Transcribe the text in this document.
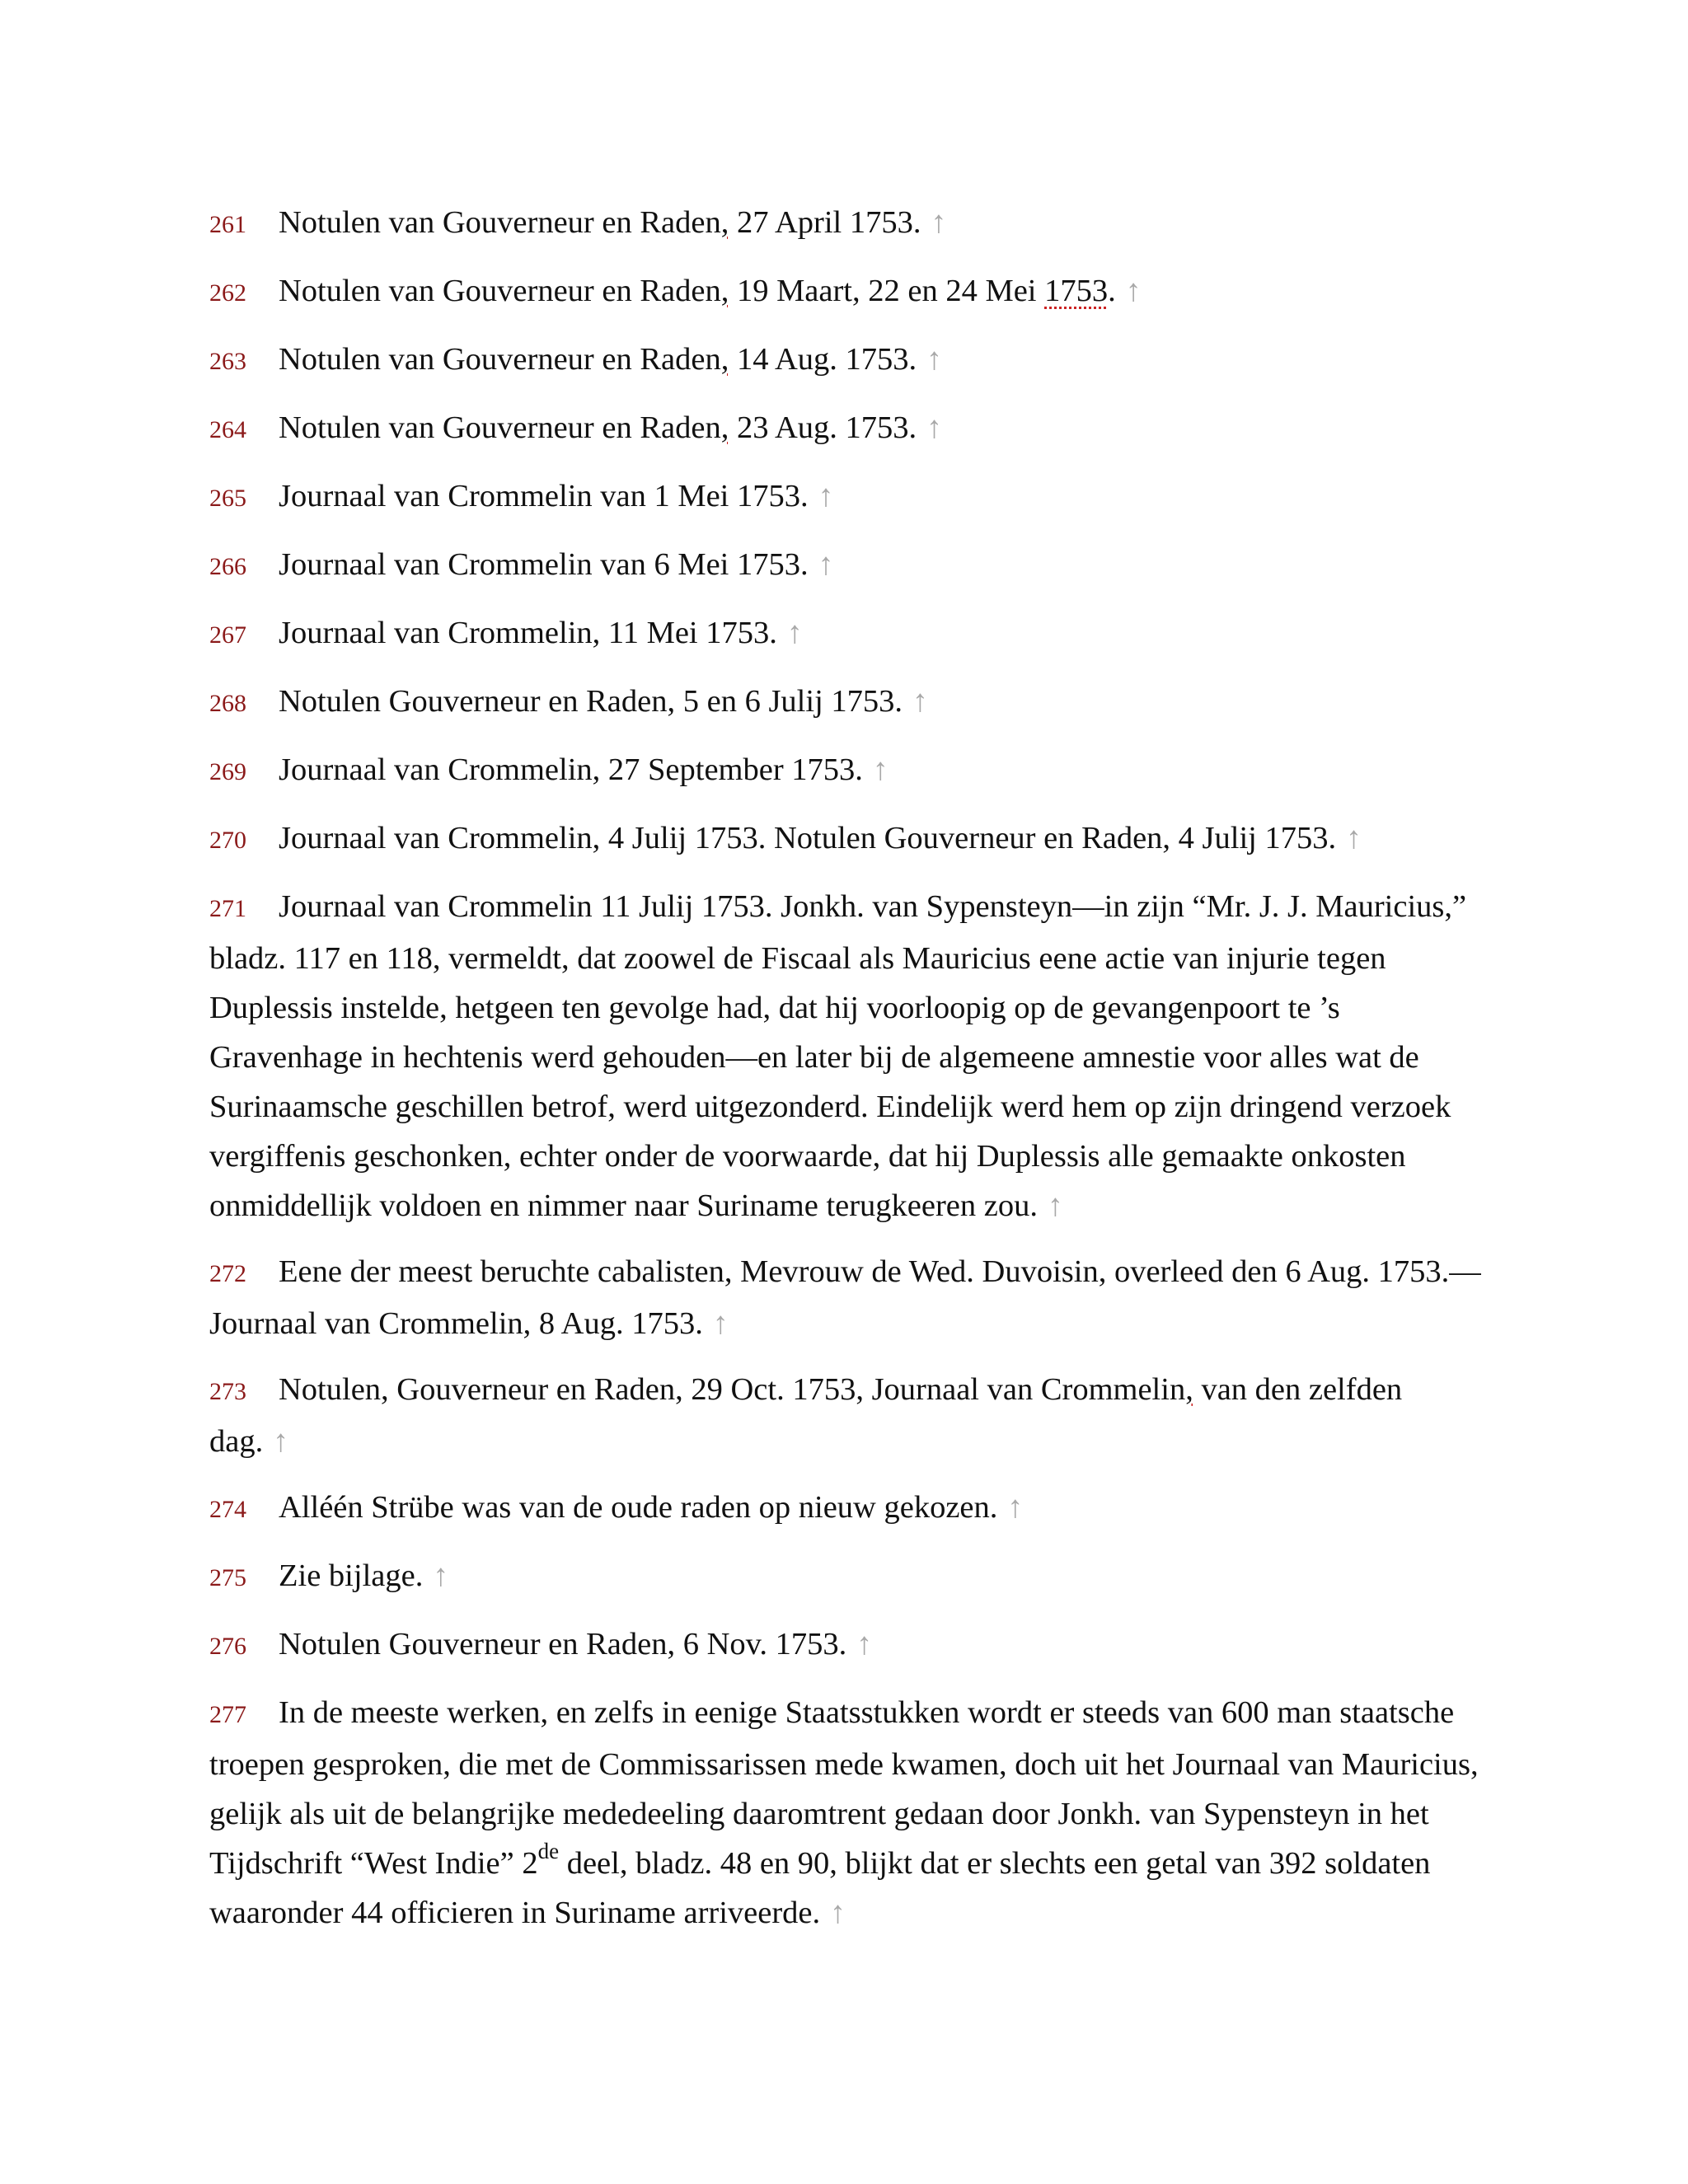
261 Notulen van Gouverneur en Raden, 27 April 1753. ↑

262 Notulen van Gouverneur en Raden, 19 Maart, 22 en 24 Mei 1753. ↑

263 Notulen van Gouverneur en Raden, 14 Aug. 1753. ↑

264 Notulen van Gouverneur en Raden, 23 Aug. 1753. ↑

265 Journaal van Crommelin van 1 Mei 1753. ↑

266 Journaal van Crommelin van 6 Mei 1753. ↑

267 Journaal van Crommelin, 11 Mei 1753. ↑

268 Notulen Gouverneur en Raden, 5 en 6 Julij 1753. ↑

269 Journaal van Crommelin, 27 September 1753. ↑

270 Journaal van Crommelin, 4 Julij 1753. Notulen Gouverneur en Raden, 4 Julij 1753. ↑

271 Journaal van Crommelin 11 Julij 1753. Jonkh. van Sypensteyn—in zijn “Mr. J. J. Mauricius,” bladz. 117 en 118, vermeldt, dat zoowel de Fiscaal als Mauricius eene actie van injurie tegen Duplessis instelde, hetgeen ten gevolge had, dat hij voorloopig op de gevangenpoort te ’s Gravenhage in hechtenis werd gehouden—en later bij de algemeene amnestie voor alles wat de Surinaamsche geschillen betrof, werd uitgezonderd. Eindelijk werd hem op zijn dringend verzoek vergiffenis geschonken, echter onder de voorwaarde, dat hij Duplessis alle gemaakte onkosten onmiddellijk voldoen en nimmer naar Suriname terugkeeren zou. ↑

272 Eene der meest beruchte cabalisten, Mevrouw de Wed. Duvoisin, overleed den 6 Aug. 1753.—Journaal van Crommelin, 8 Aug. 1753. ↑

273 Notulen, Gouverneur en Raden, 29 Oct. 1753, Journaal van Crommelin, van den zelfden dag. ↑

274 Alléén Strübe was van de oude raden op nieuw gekozen. ↑

275 Zie bijlage. ↑

276 Notulen Gouverneur en Raden, 6 Nov. 1753. ↑

277 In de meeste werken, en zelfs in eenige Staatsstukken wordt er steeds van 600 man staatsche troepen gesproken, die met de Commissarissen mede kwamen, doch uit het Journaal van Mauricius, gelijk als uit de belangrijke mededeeling daaromtrent gedaan door Jonkh. van Sypensteyn in het Tijdschrift “West Indie” 2de deel, bladz. 48 en 90, blijkt dat er slechts een getal van 392 soldaten waaronder 44 officieren in Suriname arriveerde. ↑
